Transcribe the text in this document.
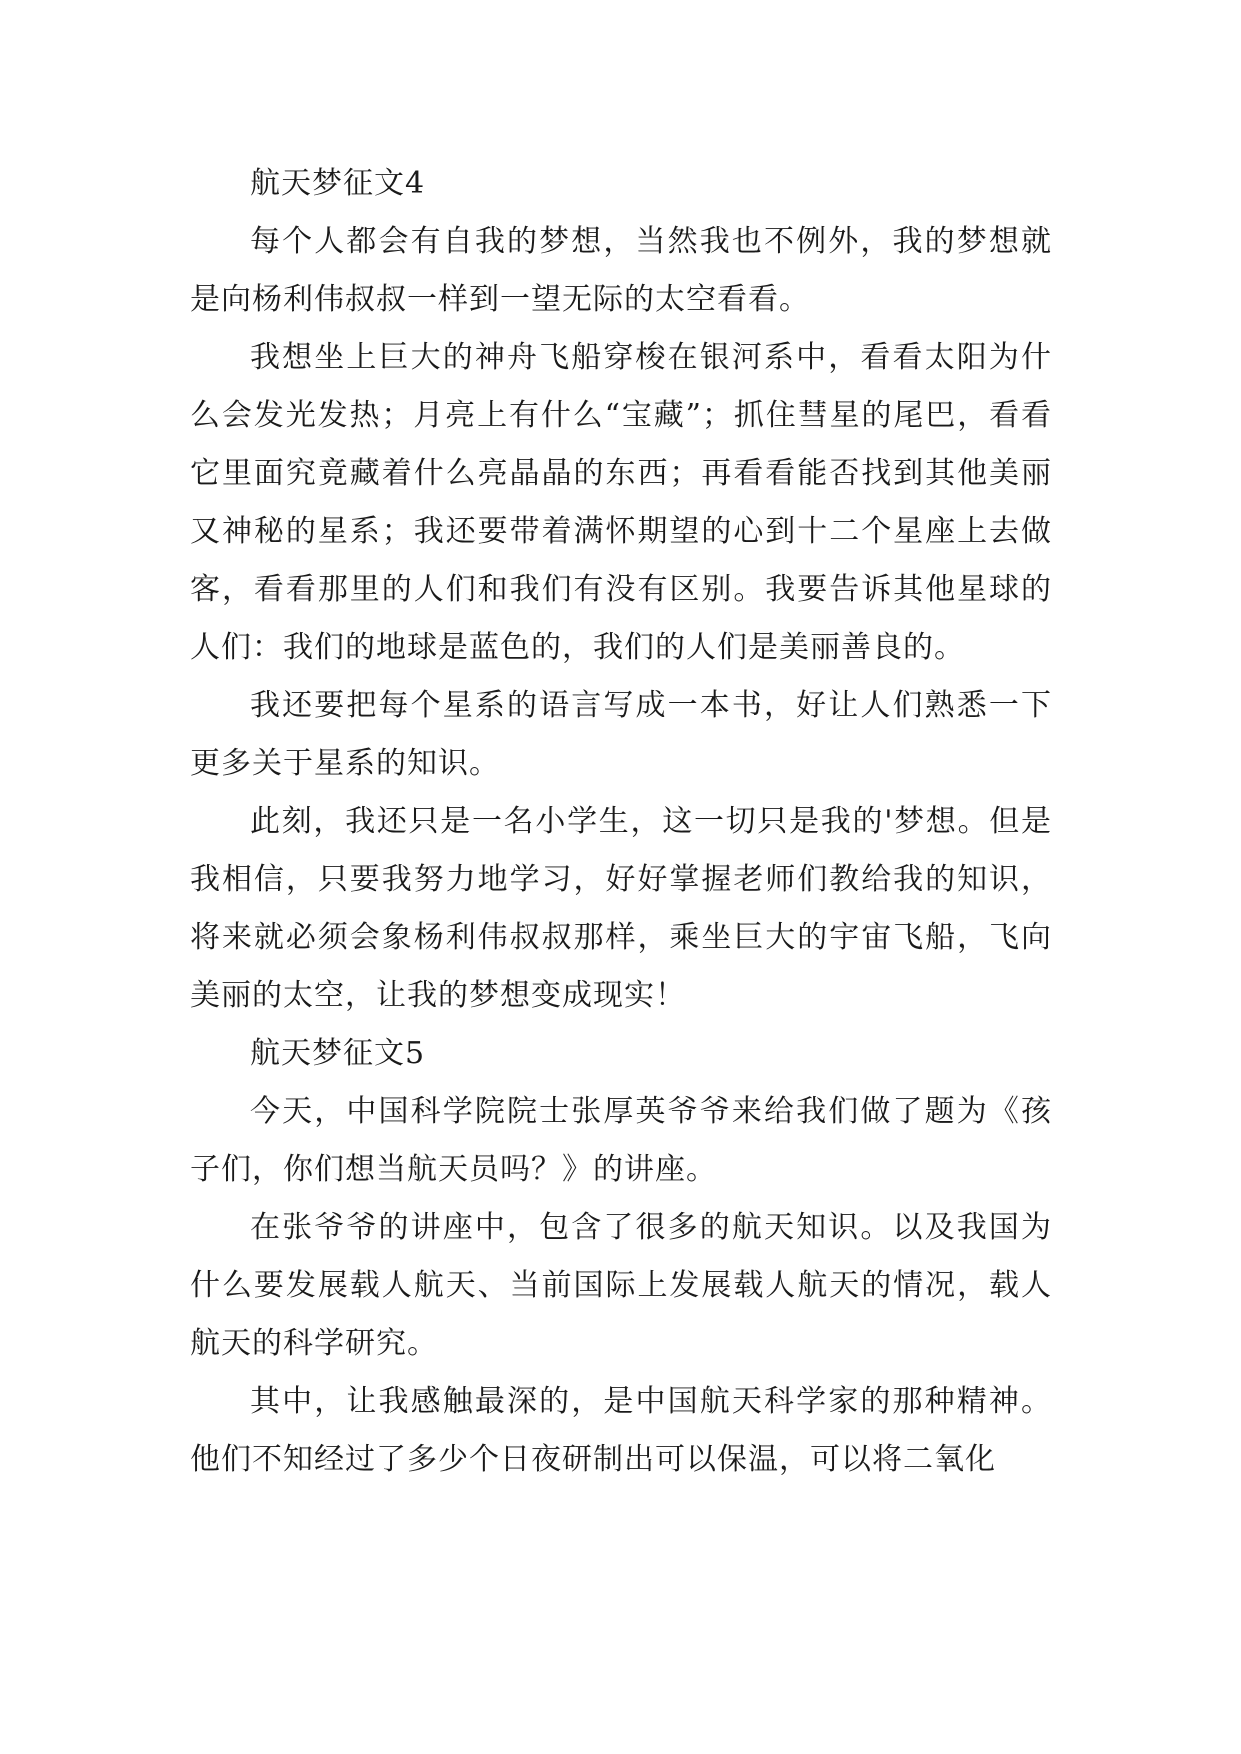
航天梦征文4

每个人都会有自我的梦想，当然我也不例外，我的梦想就是向杨利伟叔叔一样到一望无际的太空看看。

我想坐上巨大的神舟飞船穿梭在银河系中，看看太阳为什么会发光发热；月亮上有什么“宝藏”；抓住彗星的尾巴，看看它里面究竟藏着什么亮晶晶的东西；再看看能否找到其他美丽又神秘的星系；我还要带着满怀期望的心到十二个星座上去做客，看看那里的人们和我们有没有区别。我要告诉其他星球的人们：我们的地球是蓝色的，我们的人们是美丽善良的。

我还要把每个星系的语言写成一本书，好让人们熟悉一下更多关于星系的知识。

此刻，我还只是一名小学生，这一切只是我的'梦想。但是我相信，只要我努力地学习，好好掌握老师们教给我的知识，将来就必须会象杨利伟叔叔那样，乘坐巨大的宇宙飞船，飞向美丽的太空，让我的梦想变成现实！

航天梦征文5

今天，中国科学院院士张厚英爷爷来给我们做了题为《孩子们，你们想当航天员吗？》的讲座。

在张爷爷的讲座中，包含了很多的航天知识。以及我国为什么要发展载人航天、当前国际上发展载人航天的情况，载人航天的科学研究。

其中，让我感触最深的，是中国航天科学家的那种精神。他们不知经过了多少个日夜研制出可以保温，可以将二氧化
